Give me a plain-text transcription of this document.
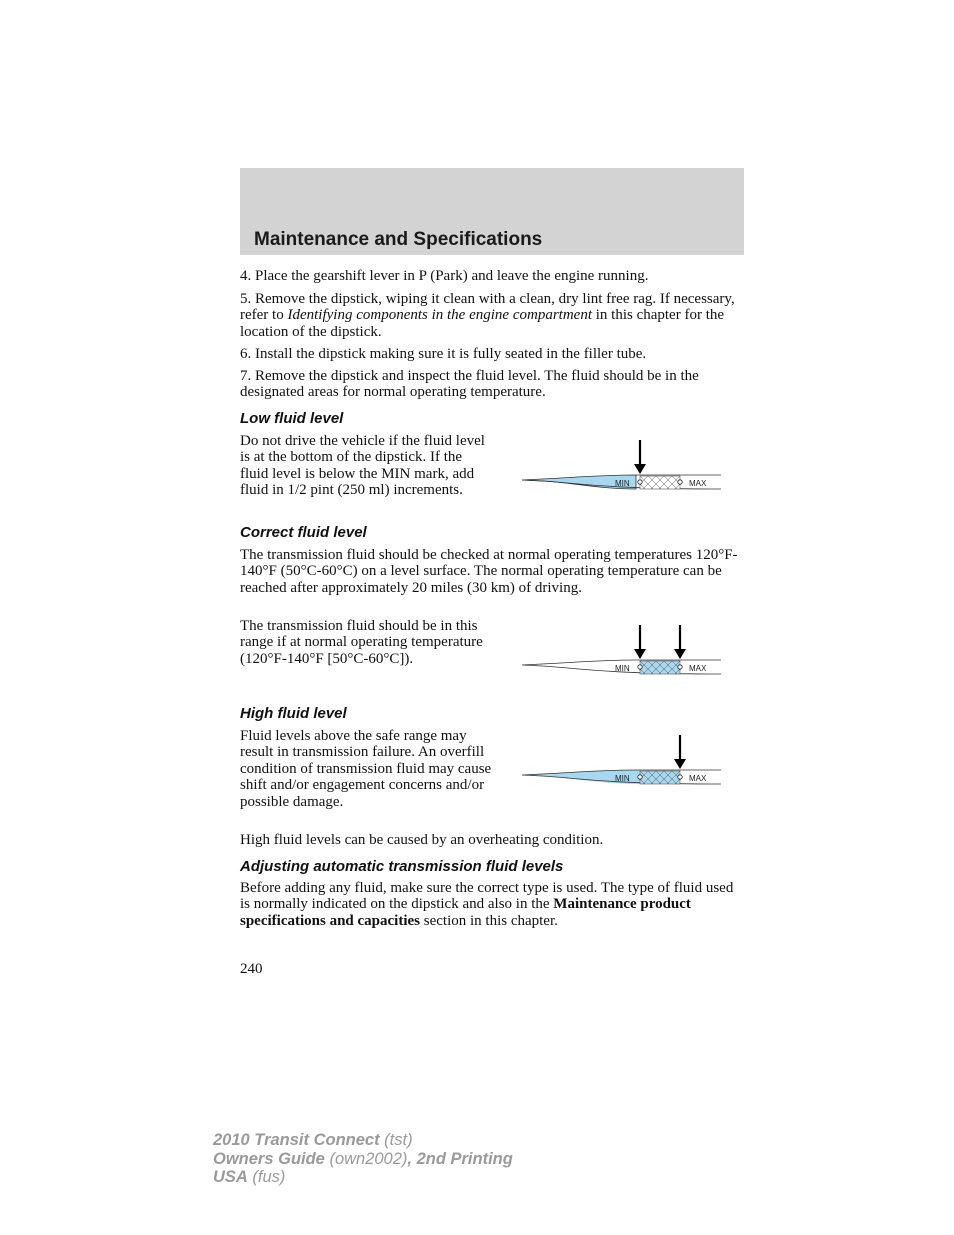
Maintenance and Specifications
4. Place the gearshift lever in P (Park) and leave the engine running.
5. Remove the dipstick, wiping it clean with a clean, dry lint free rag. If necessary, refer to Identifying components in the engine compartment in this chapter for the location of the dipstick.
6. Install the dipstick making sure it is fully seated in the filler tube.
7. Remove the dipstick and inspect the fluid level. The fluid should be in the designated areas for normal operating temperature.
Low fluid level
Do not drive the vehicle if the fluid level is at the bottom of the dipstick. If the fluid level is below the MIN mark, add fluid in 1/2 pint (250 ml) increments.	MIN	MAX
Correct fluid level
The transmission fluid should be checked at normal operating temperatures 120°F-140°F (50°C-60°C) on a level surface. The normal operating temperature can be reached after approximately 20 miles (30 km) of driving.
The transmission fluid should be in this range if at normal operating temperature (120°F-140°F [50°C-60°C]).
MIN	MAX
High fluid level
Fluid levels above the safe range may result in transmission failure. An overfill condition of transmission fluid may cause shift and/or engagement concerns and/or possible damage.
MIN	MAX
High fluid levels can be caused by an overheating condition.
Adjusting automatic transmission fluid levels
Before adding any fluid, make sure the correct type is used. The type of fluid used is normally indicated on the dipstick and also in the Maintenance product specifications and capacities section in this chapter.
240
2010 Transit Connect (tst)
Owners Guide (own2002), 2nd Printing
USA (fus)
